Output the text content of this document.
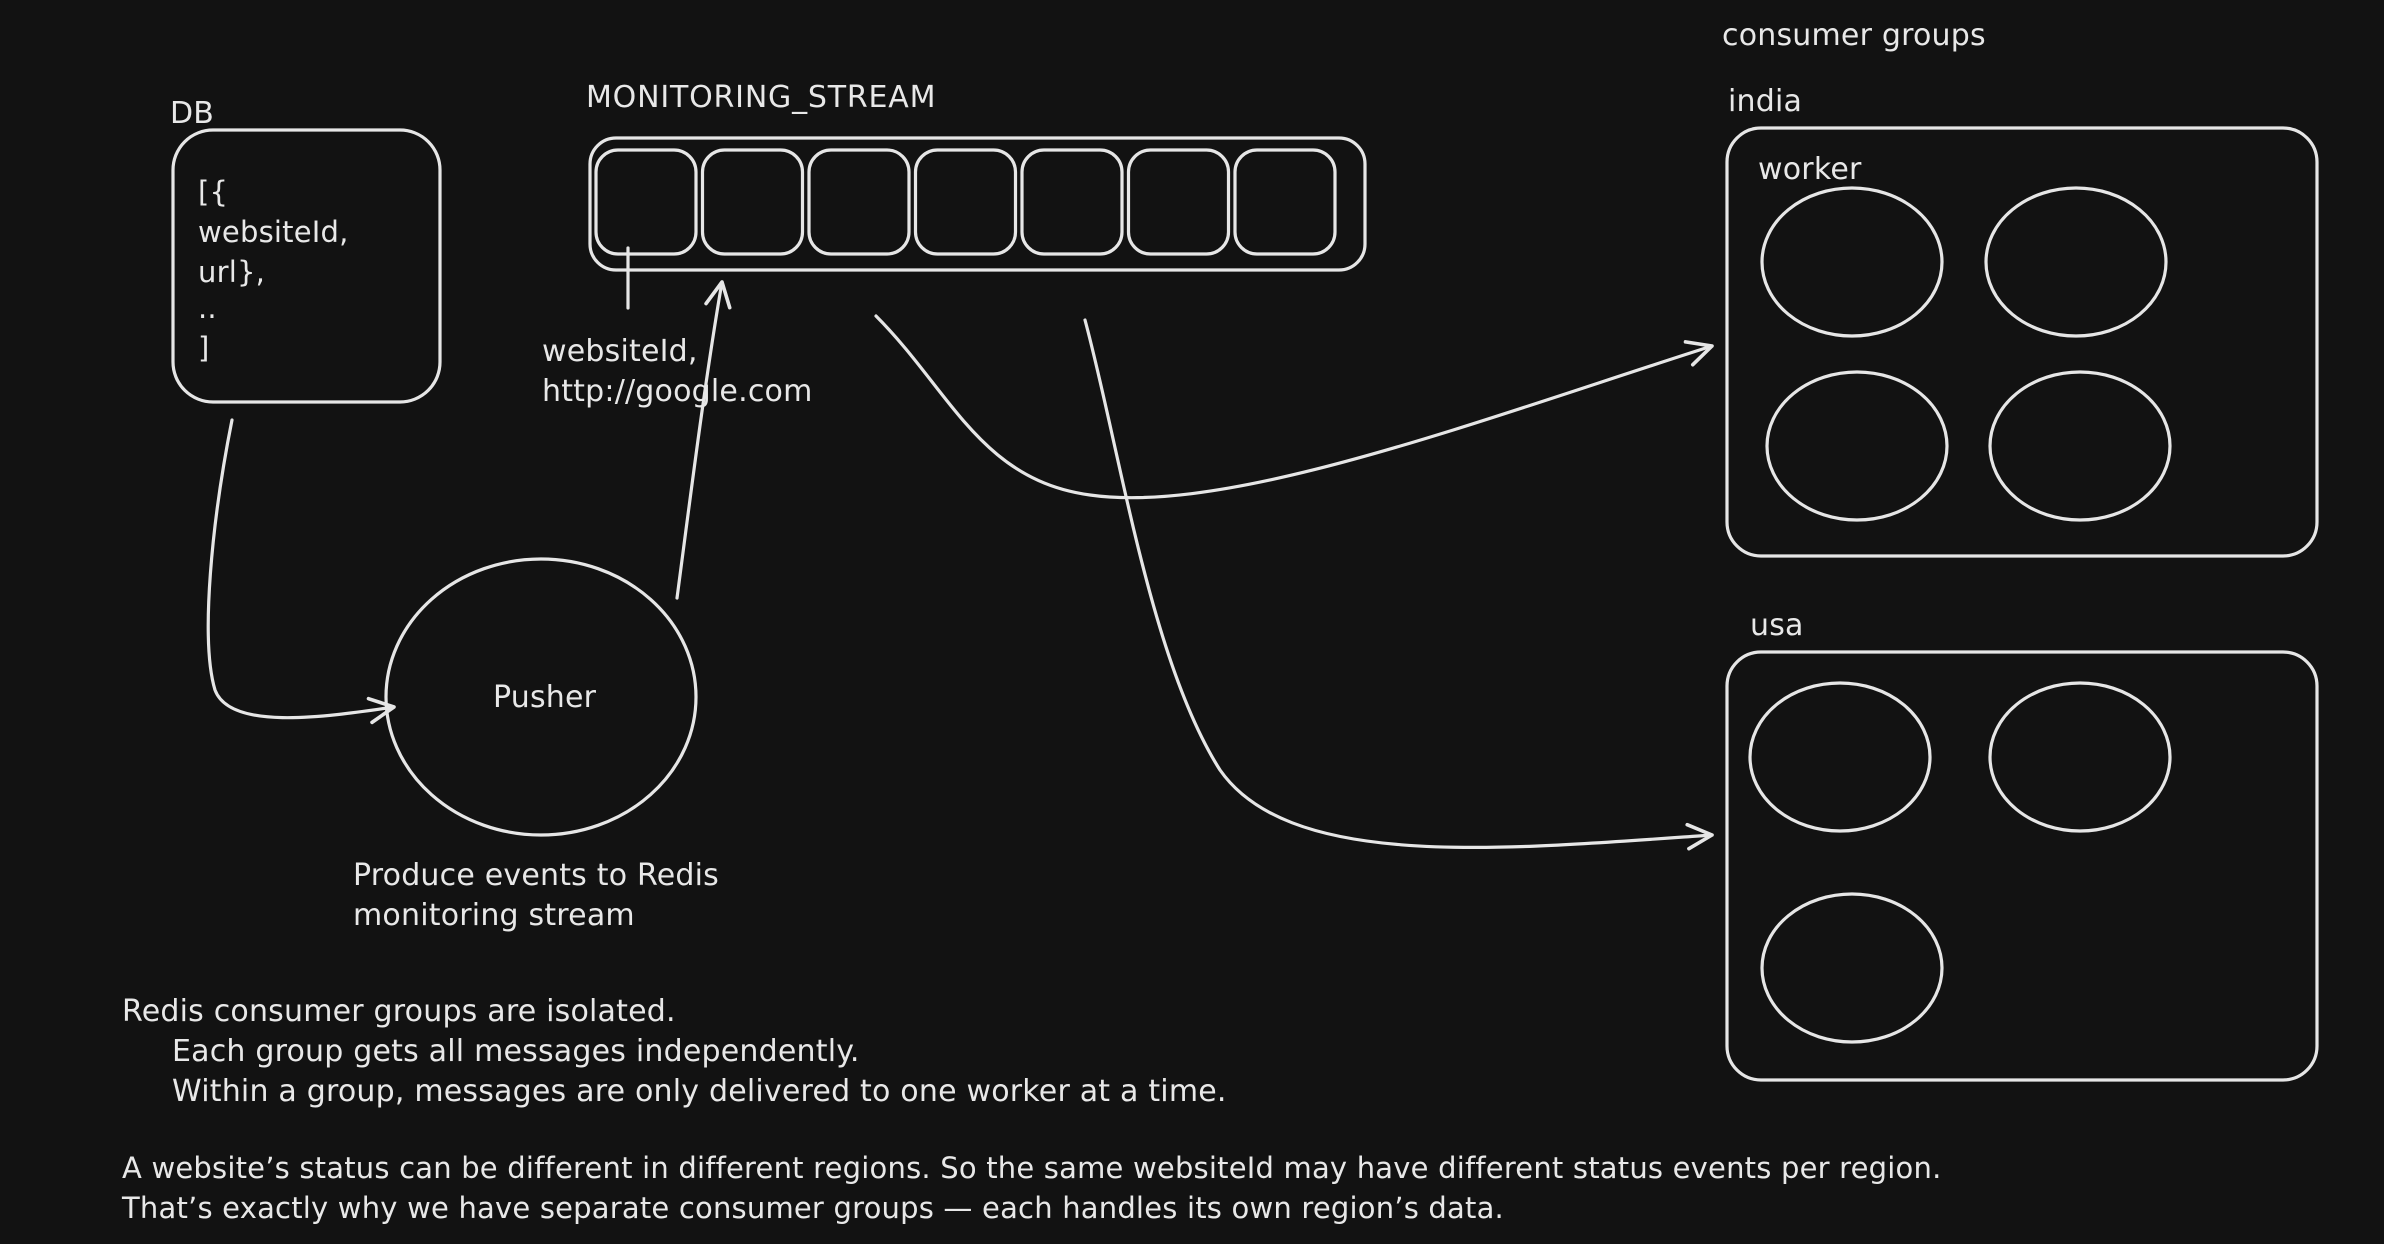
DB
[{
websiteId,
url},
..
]
MONITORING_STREAM
websiteId,
http://google.com
Pusher
Produce events to Redis
monitoring stream
consumer groups
india
worker
usa
Redis consumer groups are isolated.
Each group gets all messages independently.
Within a group, messages are only delivered to one worker at a time.
A website’s status can be different in different regions. So the same websiteId may have different status events per region.
That’s exactly why we have separate consumer groups — each handles its own region’s data.
